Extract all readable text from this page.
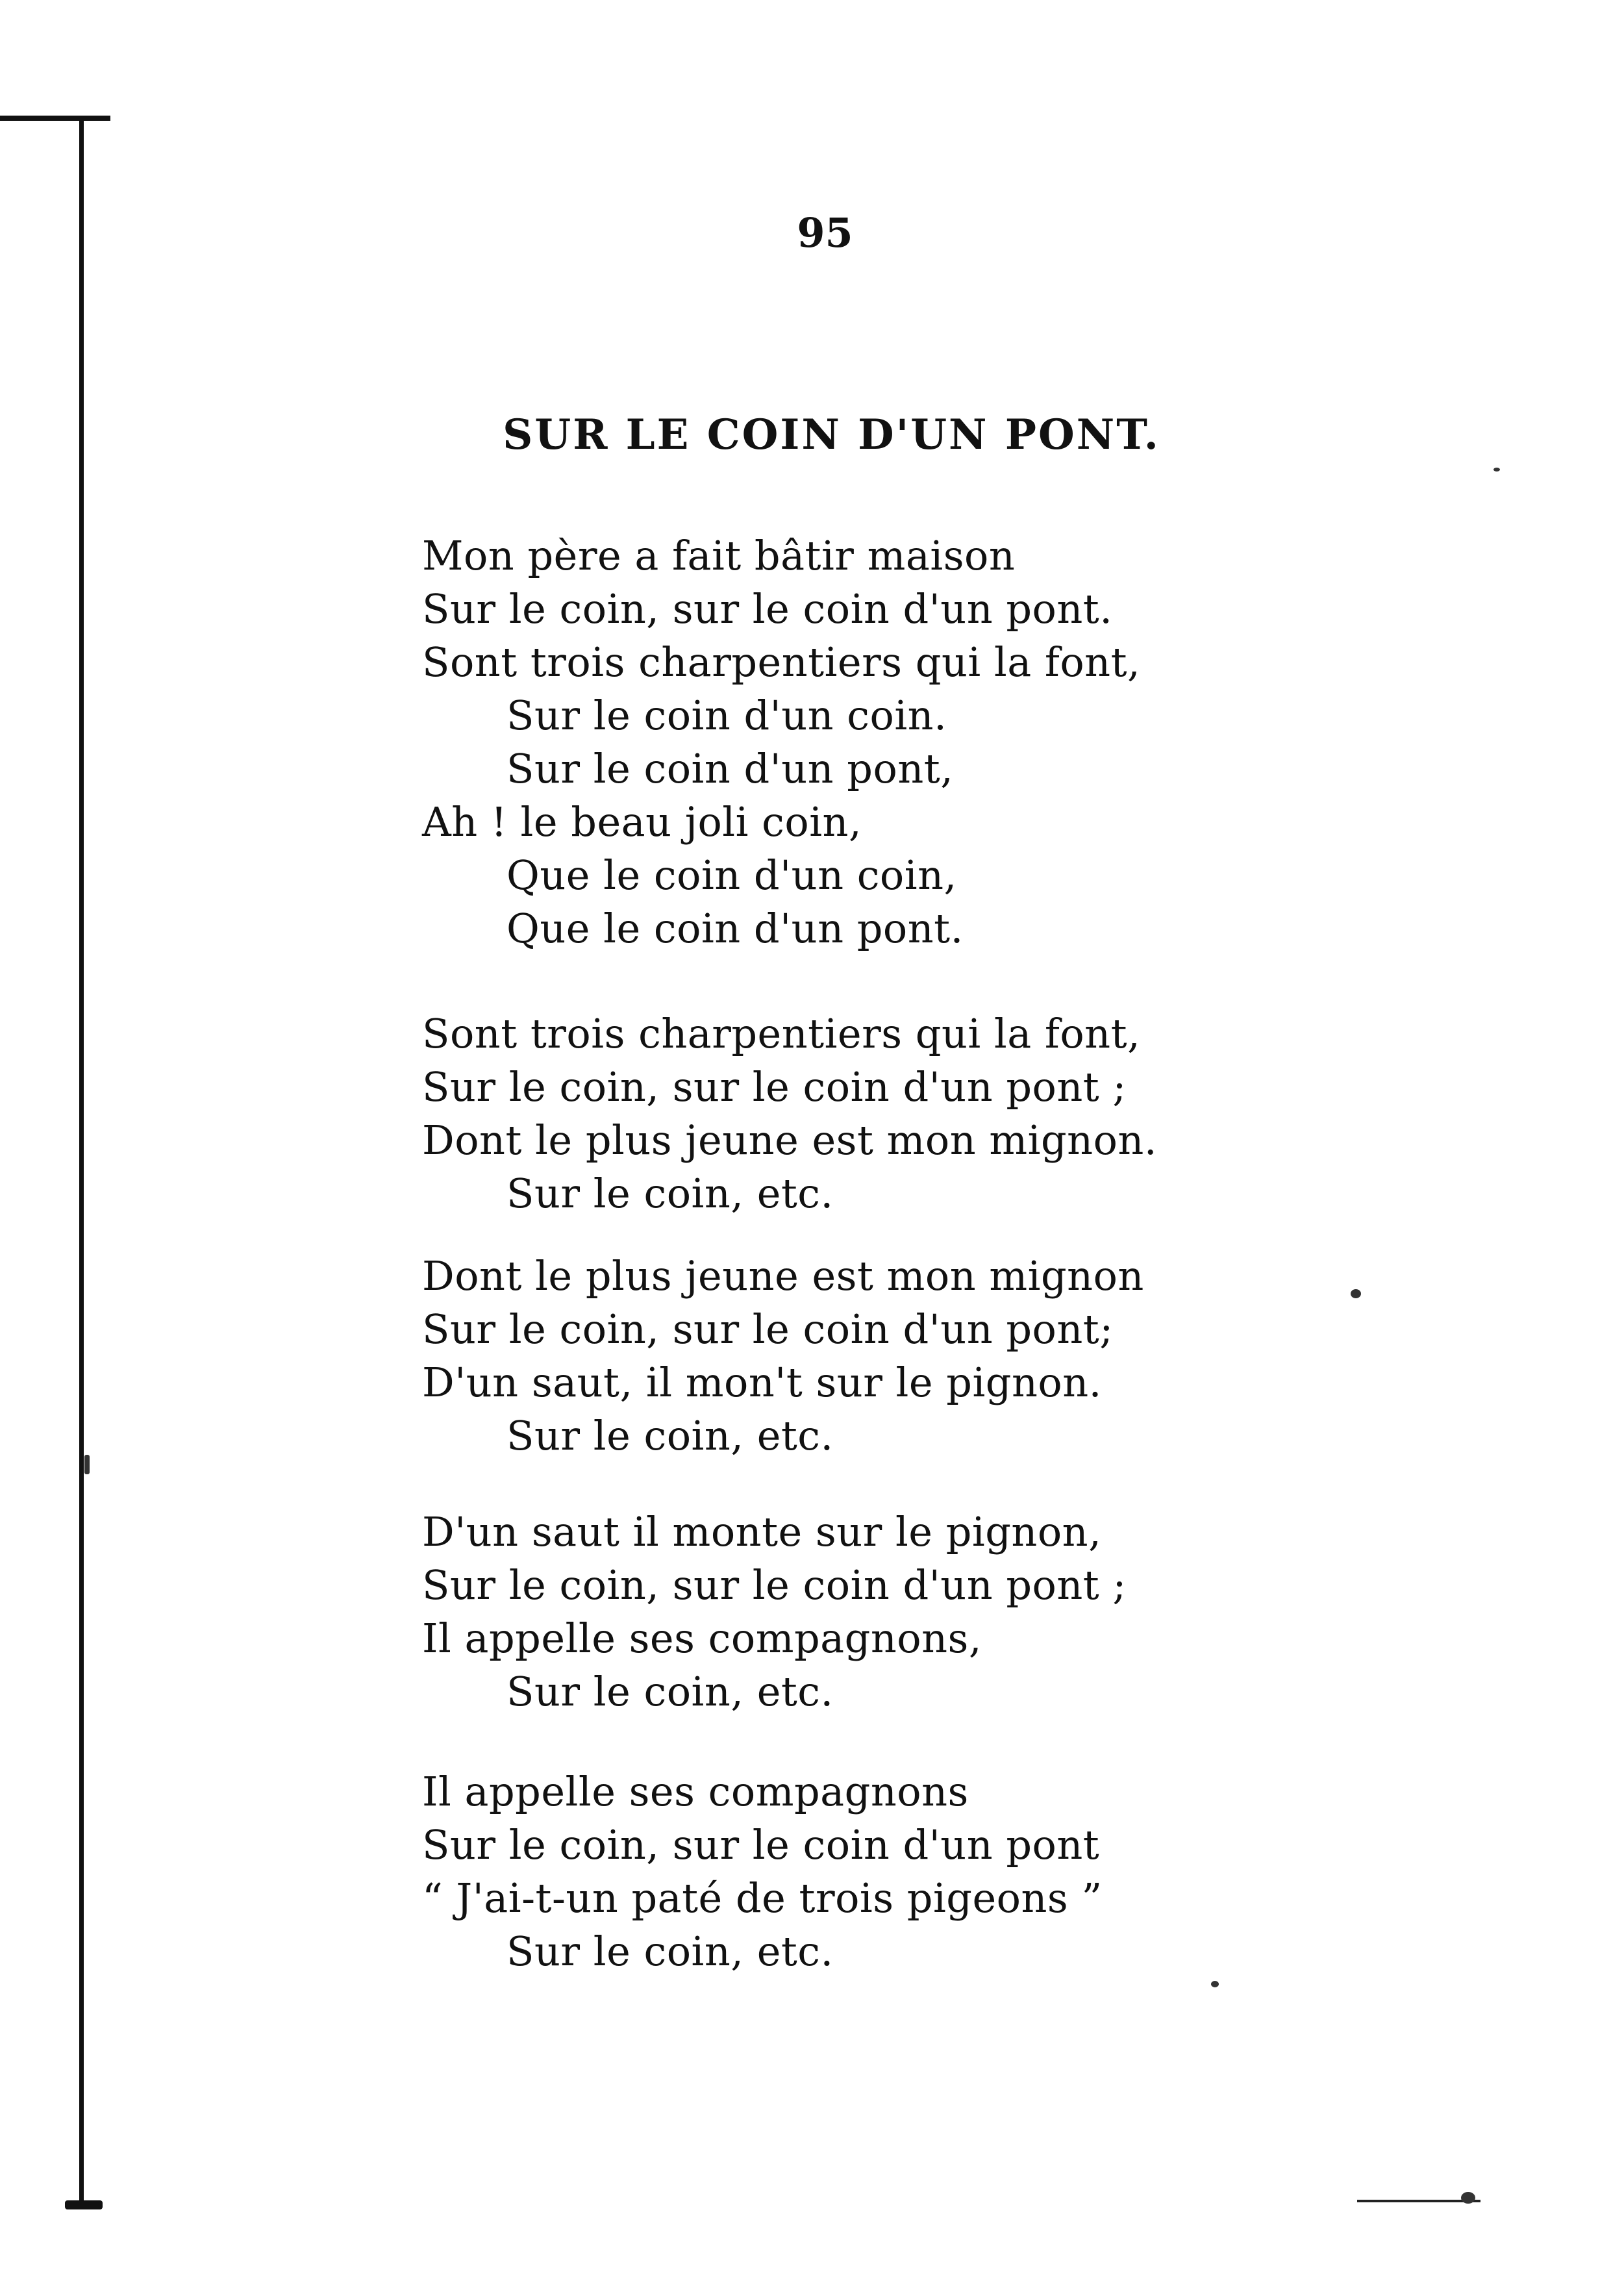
95
SUR LE COIN D'UN PONT.
Mon père a fait bâtir maison
Sur le coin, sur le coin d'un pont.
Sont trois charpentiers qui la font,
Sur le coin d'un coin.
Sur le coin d'un pont,
Ah ! le beau joli coin,
Que le coin d'un coin,
Que le coin d'un pont.
Sont trois charpentiers qui la font,
Sur le coin, sur le coin d'un pont ;
Dont le plus jeune est mon mignon.
Sur le coin, etc.
Dont le plus jeune est mon mignon
Sur le coin, sur le coin d'un pont;
D'un saut, il mon't sur le pignon.
Sur le coin, etc.
D'un saut il monte sur le pignon,
Sur le coin, sur le coin d'un pont ;
Il appelle ses compagnons,
Sur le coin, etc.
Il appelle ses compagnons
Sur le coin, sur le coin d'un pont
“ J'ai-t-un paté de trois pigeons ”
Sur le coin, etc.
